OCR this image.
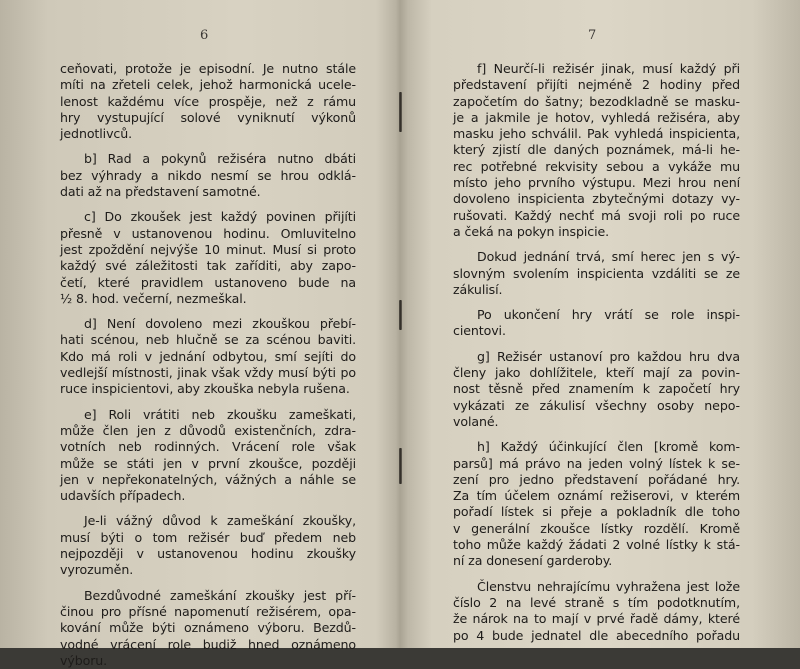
6
ceňovati, protože je episodní. Je nutno stále
míti na zřeteli celek, jehož harmonická ucele-
lenost každému více prospěje, než z rámu
hry vystupující solové vyniknutí výkonů
jednotlivců.
b] Rad a pokynů režiséra nutno dbáti
bez výhrady a nikdo nesmí se hrou odklá-
dati až na představení samotné.
c] Do zkoušek jest každý povinen přijíti
přesně v ustanovenou hodinu. Omluvitelno
jest zpoždění nejvýše 10 minut. Musí si proto
každý své záležitosti tak zaříditi, aby zapo-
četí, které pravidlem ustanoveno bude na
½ 8. hod. večerní, nezmeškal.
d] Není dovoleno mezi zkouškou přebí-
hati scénou, neb hlučně se za scénou baviti.
Kdo má roli v jednání odbytou, smí sejíti do
vedlejší místnosti, jinak však vždy musí býti po
ruce inspicientovi, aby zkouška nebyla rušena.
e] Roli vrátiti neb zkoušku zameškati,
může člen jen z důvodů existenčních, zdra-
votních neb rodinných. Vrácení role však
může se státi jen v první zkoušce, později
jen v nepřekonatelných, vážných a náhle se
udavších případech.
Je-li vážný důvod k zameškání zkoušky,
musí býti o tom režisér buď předem neb
nejpozději v ustanovenou hodinu zkoušky
vyrozuměn.
Bezdůvodné zameškání zkoušky jest pří-
činou pro přísné napomenutí režisérem, opa-
kování může býti oznámeno výboru. Bezdů-
vodné vrácení role budiž hned oznámeno
výboru.
7
f] Neurčí-li režisér jinak, musí každý při
představení přijíti nejméně 2 hodiny před
započetím do šatny; bezodkladně se masku-
je a jakmile je hotov, vyhledá režiséra, aby
masku jeho schválil. Pak vyhledá inspicienta,
který zjistí dle daných poznámek, má-li he-
rec potřebné rekvisity sebou a vykáže mu
místo jeho prvního výstupu. Mezi hrou není
dovoleno inspicienta zbytečnými dotazy vy-
rušovati. Každý nechť má svoji roli po ruce
a čeká na pokyn inspicie.
Dokud jednání trvá, smí herec jen s vý-
slovným svolením inspicienta vzdáliti se ze
zákulisí.
Po ukončení hry vrátí se role inspi-
cientovi.
g] Režisér ustanoví pro každou hru dva
členy jako dohlížitele, kteří mají za povin-
nost těsně před znamením k započetí hry
vykázati ze zákulisí všechny osoby nepo-
volané.
h] Každý účinkující člen [kromě kom-
parsů] má právo na jeden volný lístek k se-
zení pro jedno představení pořádané hry.
Za tím účelem oznámí režiserovi, v kterém
pořadí lístek si přeje a pokladník dle toho
v generální zkoušce lístky rozdělí. Kromě
toho může každý žádati 2 volné lístky k stá-
ní za donesení garderoby.
Členstvu nehrajícímu vyhražena jest lože
číslo 2 na levé straně s tím podotknutím,
že nárok na to mají v prvé řadě dámy, které
po 4 bude jednatel dle abecedního pořadu
